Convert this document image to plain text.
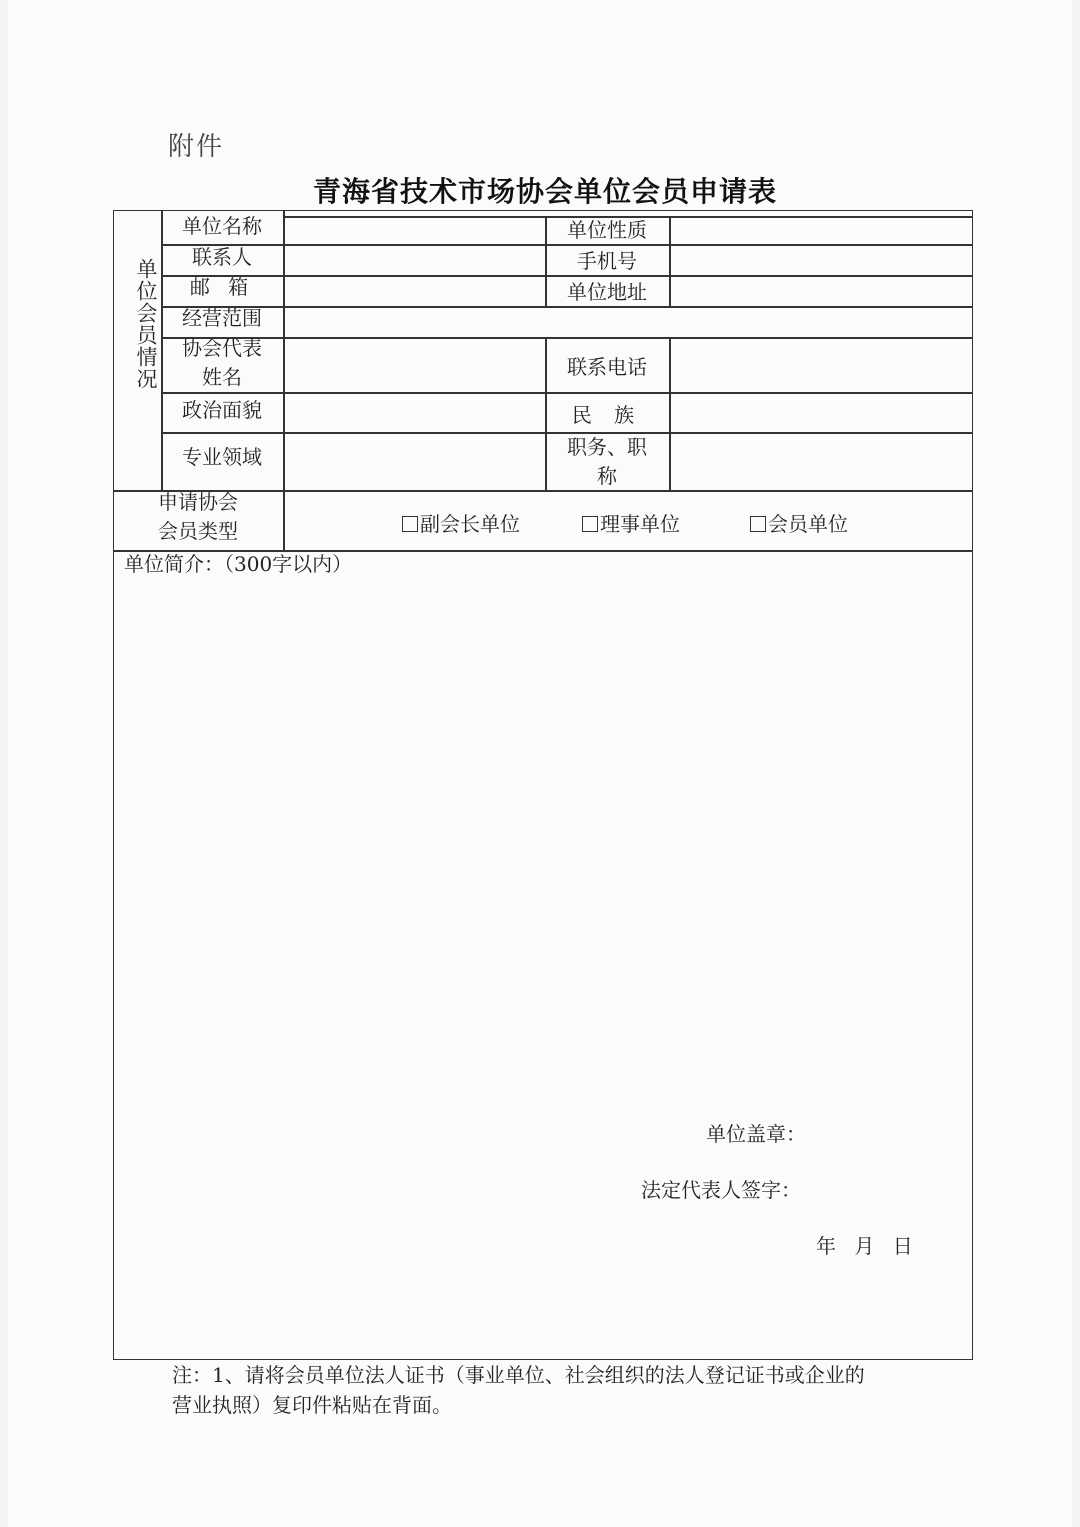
附件
青海省技术市场协会单位会员申请表
单位会员情况
单位名称	单位性质
联系人	手机号
邮 箱	单位地址
经营范围
协会代表
姓名	联系电话
政治面貌	民 族
专业领域	职务、职
称
申请协会
会员类型	副会长单位	理事单位	会员单位
单位简介：（300字以内）
单位盖章：
法定代表人签字：
年 月 日
注：1、请将会员单位法人证书（事业单位、社会组织的法人登记证书或企业的
营业执照）复印件粘贴在背面。
